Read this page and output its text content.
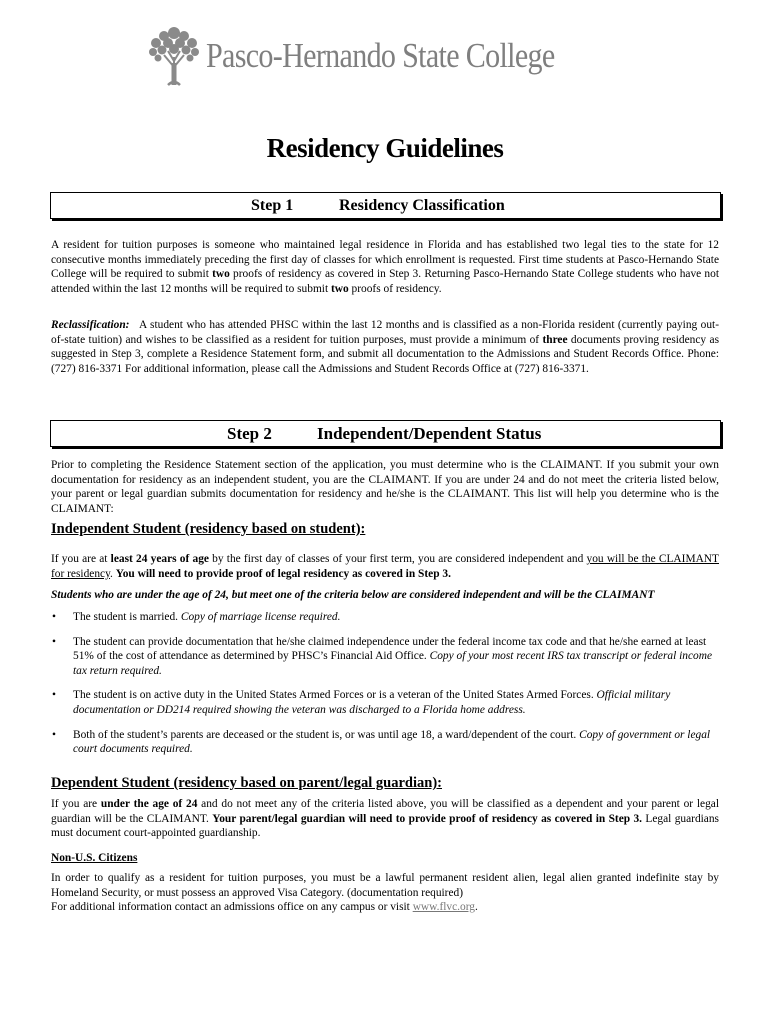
Pasco-Hernando State College
Residency Guidelines
Step 1	Residency Classification

A resident for tuition purposes is someone who maintained legal residence in Florida and has established two legal ties to the state for 12 consecutive months immediately preceding the first day of classes for which enrollment is requested. First time students at Pasco-Hernando State College will be required to submit two proofs of residency as covered in Step 3. Returning Pasco-Hernando State College students who have not attended within the last 12 months will be required to submit two proofs of residency.

Reclassification:   A student who has attended PHSC within the last 12 months and is classified as a non-Florida resident (currently paying out-of-state tuition) and wishes to be classified as a resident for tuition purposes, must provide a minimum of three documents proving residency as suggested in Step 3, complete a Residence Statement form, and submit all documentation to the Admissions and Student Records Office. Phone: (727) 816-3371 For additional information, please call the Admissions and Student Records Office at (727) 816-3371.

Step 2	Independent/Dependent Status

Prior to completing the Residence Statement section of the application, you must determine who is the CLAIMANT. If you submit your own documentation for residency as an independent student, you are the CLAIMANT. If you are under 24 and do not meet the criteria listed below, your parent or legal guardian submits documentation for residency and he/she is the CLAIMANT. This list will help you determine who is the CLAIMANT:

Independent Student (residency based on student):

If you are at least 24 years of age by the first day of classes of your first term, you are considered independent and you will be the CLAIMANT for residency. You will need to provide proof of legal residency as covered in Step 3.

Students who are under the age of 24, but meet one of the criteria below are considered independent and will be the CLAIMANT
• The student is married. Copy of marriage license required.
• The student can provide documentation that he/she claimed independence under the federal income tax code and that he/she earned at least 51% of the cost of attendance as determined by PHSC’s Financial Aid Office. Copy of your most recent IRS tax transcript or federal income tax return required.
• The student is on active duty in the United States Armed Forces or is a veteran of the United States Armed Forces. Official military documentation or DD214 required showing the veteran was discharged to a Florida home address.
• Both of the student’s parents are deceased or the student is, or was until age 18, a ward/dependent of the court. Copy of government or legal court documents required.
Dependent Student (residency based on parent/legal guardian):

If you are under the age of 24 and do not meet any of the criteria listed above, you will be classified as a dependent and your parent or legal guardian will be the CLAIMANT. Your parent/legal guardian will need to provide proof of residency as covered in Step 3. Legal guardians must document court-appointed guardianship.

Non-U.S. Citizens

In order to qualify as a resident for tuition purposes, you must be a lawful permanent resident alien, legal alien granted indefinite stay by Homeland Security, or must possess an approved Visa Category. (documentation required)
For additional information contact an admissions office on any campus or visit www.flvc.org.
